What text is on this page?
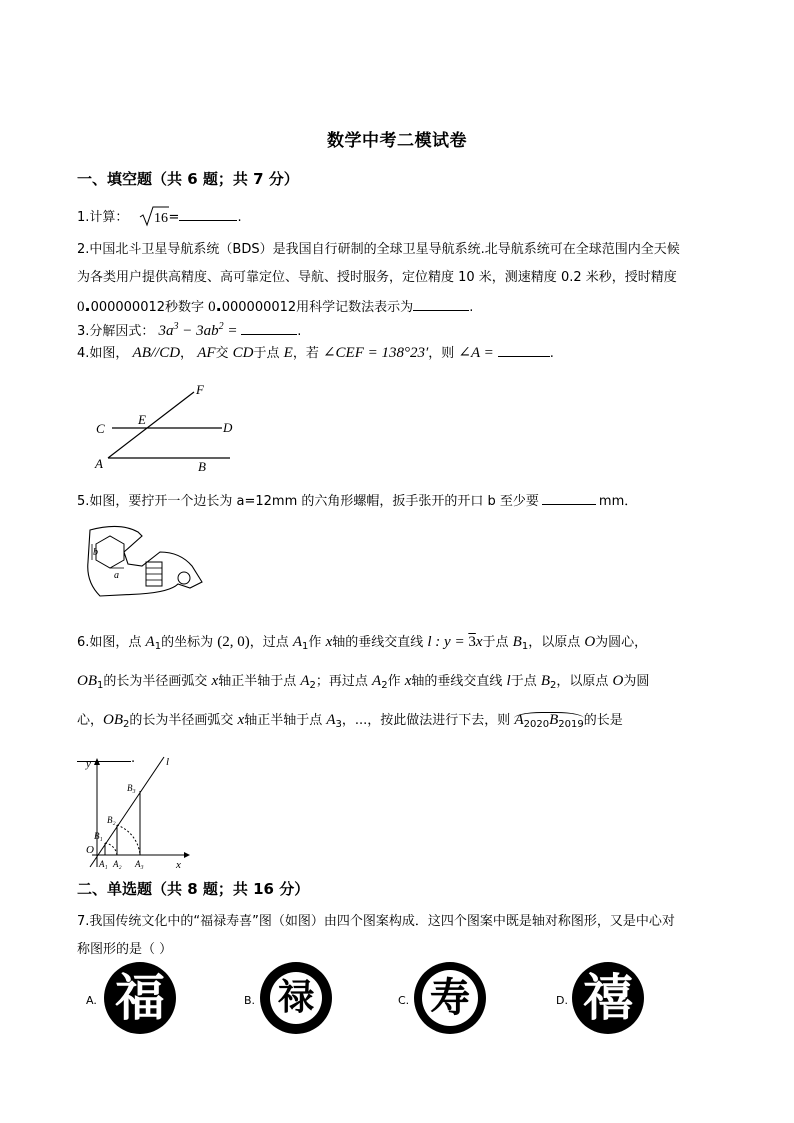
数学中考二模试卷
一、填空题（共 6 题；共 7 分）
1.计算： 16 =	.
2.中国北斗卫星导航系统（BDS）是我国自行研制的全球卫星导航系统.北导航系统可在全球范围内全天候
为各类用户提供高精度、高可靠定位、导航、授时服务，定位精度 10 米，测速精度 0.2 米秒，授时精度
0.000000012秒数字 0.000000012用科学记数法表示为	.
3.分解因式： $3a^3 - 3ab^2$ =	.
4.如图， AB//CD， AF交 CD于点 E，若 ∠CEF = 138°23′，则 ∠A =	.
F
E
C	D
A	B
5.如图，要拧开一个边长为 a=12mm 的六角形螺帽，扳手张开的开口 b 至少要	mm．
b
a
6.如图，点 $A_1$的坐标为 (2, 0)，过点 $A_1$作 x轴的垂线交直线 l : y = 3x于点 $B_1$，以原点 O为圆心，
$OB_1$的长为半径画弧交 x轴正半轴于点 $A_2$；再过点 $A_2$作 x轴的垂线交直线 l于点 $B_2$，以原点 O为圆
心，$OB_2$的长为半径画弧交 x轴正半轴于点 $A_3$，...，按此做法进行下去，则 $A_{2020}B_{2019}$的长是
.
y
x
l
O
B₁
B₂
B₃
A₁ A₂ A₃
二、单选题（共 8 题；共 16 分）
7.我国传统文化中的“福禄寿喜”图（如图）由四个图案构成．这四个图案中既是轴对称图形，又是中心对
称图形的是（ ）
A. 福	B. 禄	C. 寿	D. 禧
